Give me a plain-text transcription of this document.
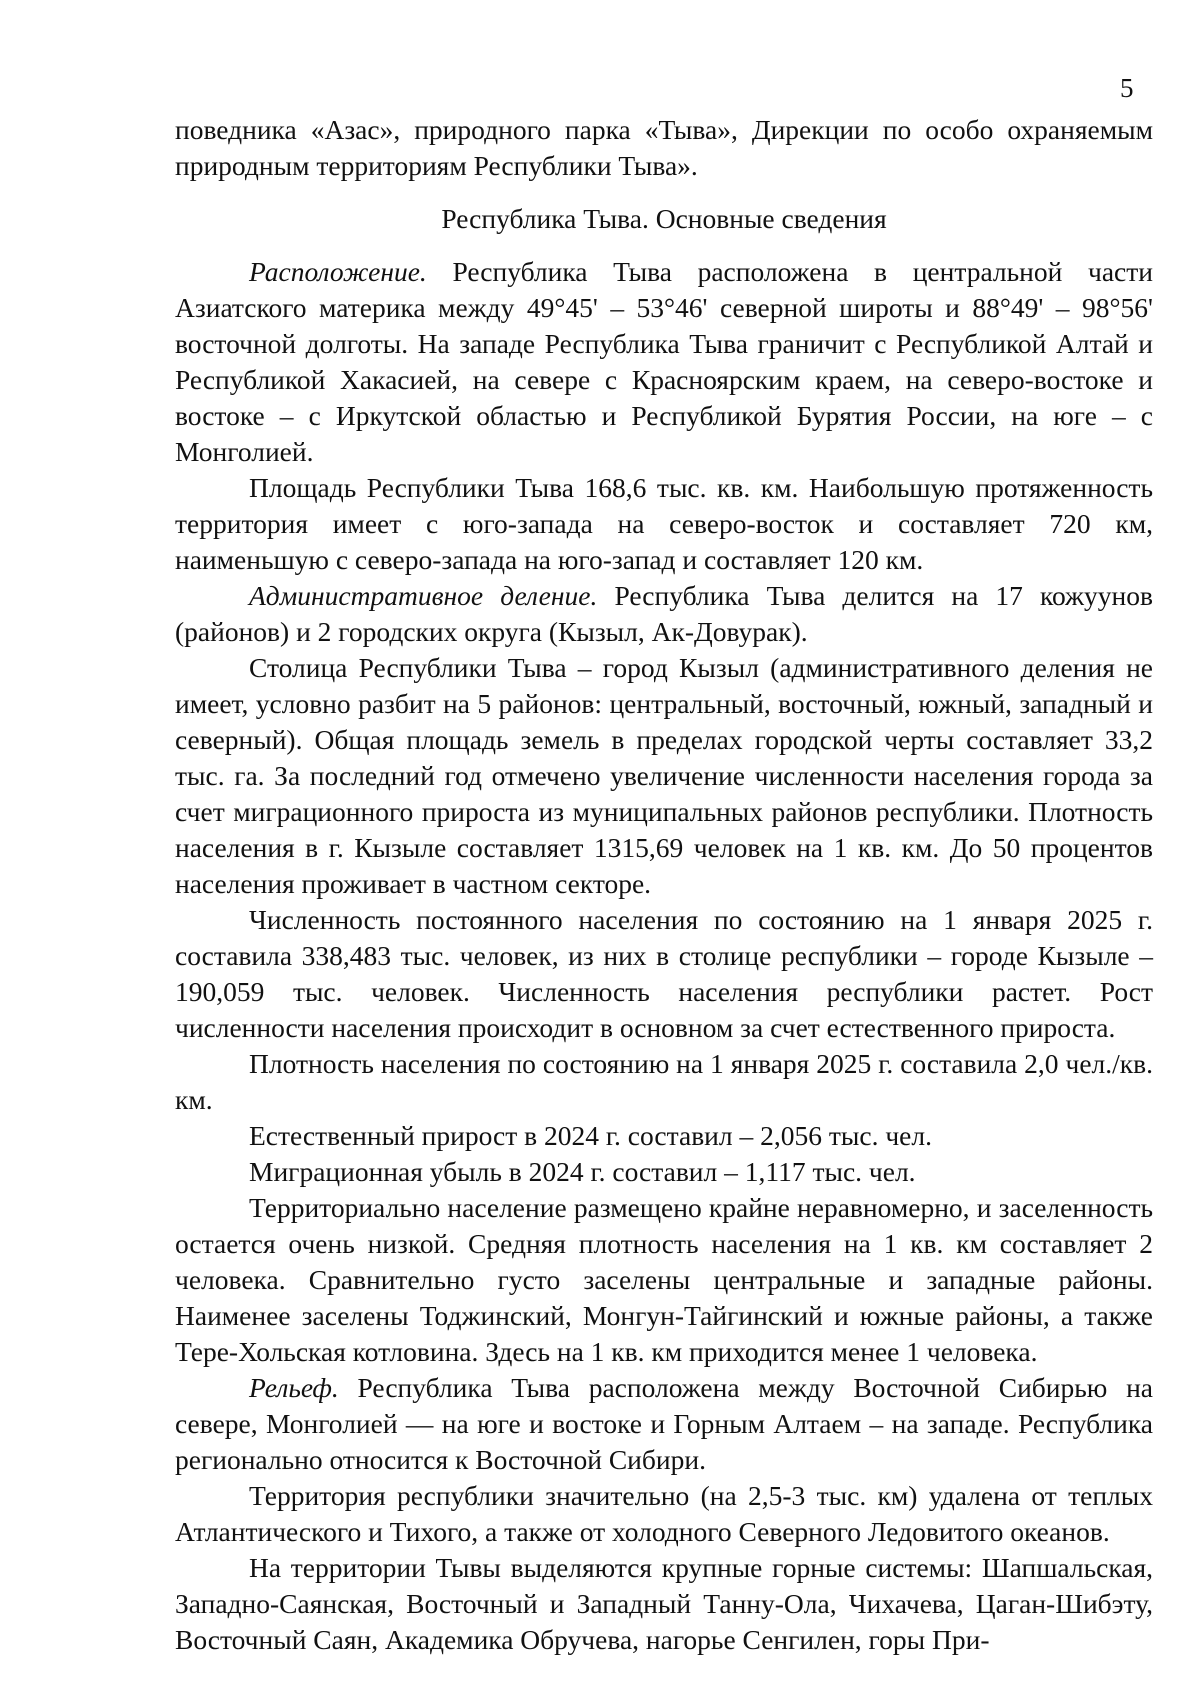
5

поведника «Азас», природного парка «Тыва», Дирекции по особо охраняемым природным территориям Республики Тыва».

Республика Тыва. Основные сведения

Расположение. Республика Тыва расположена в центральной части Азиатского материка между 49°45' – 53°46' северной широты и 88°49' – 98°56' восточной долготы. На западе Республика Тыва граничит с Республикой Алтай и Республикой Хакасией, на севере с Красноярским краем, на северо-востоке и востоке – с Иркутской областью и Республикой Бурятия России, на юге – с Монголией.

Площадь Республики Тыва 168,6 тыс. кв. км. Наибольшую протяженность территория имеет с юго-запада на северо-восток и составляет 720 км, наименьшую с северо-запада на юго-запад и составляет 120 км.

Административное деление. Республика Тыва делится на 17 кожуунов (районов) и 2 городских округа (Кызыл, Ак-Довурак).

Столица Республики Тыва – город Кызыл (административного деления не имеет, условно разбит на 5 районов: центральный, восточный, южный, западный и северный). Общая площадь земель в пределах городской черты составляет 33,2 тыс. га. За последний год отмечено увеличение численности населения города за счет миграционного прироста из муниципальных районов республики. Плотность населения в г. Кызыле составляет 1315,69 человек на 1 кв. км. До 50 процентов населения проживает в частном секторе.

Численность постоянного населения по состоянию на 1 января 2025 г. составила 338,483 тыс. человек, из них в столице республики – городе Кызыле – 190,059 тыс. человек. Численность населения республики растет. Рост численности населения происходит в основном за счет естественного прироста.

Плотность населения по состоянию на 1 января 2025 г. составила 2,0 чел./кв. км.

Естественный прирост в 2024 г. составил – 2,056 тыс. чел.

Миграционная убыль в 2024 г. составил – 1,117 тыс. чел.

Территориально население размещено крайне неравномерно, и заселенность остается очень низкой. Средняя плотность населения на 1 кв. км составляет 2 человека. Сравнительно густо заселены центральные и западные районы. Наименее заселены Тоджинский, Монгун-Тайгинский и южные районы, а также Тере-Хольская котловина. Здесь на 1 кв. км приходится менее 1 человека.

Рельеф. Республика Тыва расположена между Восточной Сибирью на севере, Монголией — на юге и востоке и Горным Алтаем – на западе. Республика регионально относится к Восточной Сибири.

Территория республики значительно (на 2,5-3 тыс. км) удалена от теплых Атлантического и Тихого, а также от холодного Северного Ледовитого океанов.

На территории Тывы выделяются крупные горные системы: Шапшальская, Западно-Саянская, Восточный и Западный Танну-Ола, Чихачева, Цаган-Шибэту, Восточный Саян, Академика Обручева, нагорье Сенгилен, горы При-
